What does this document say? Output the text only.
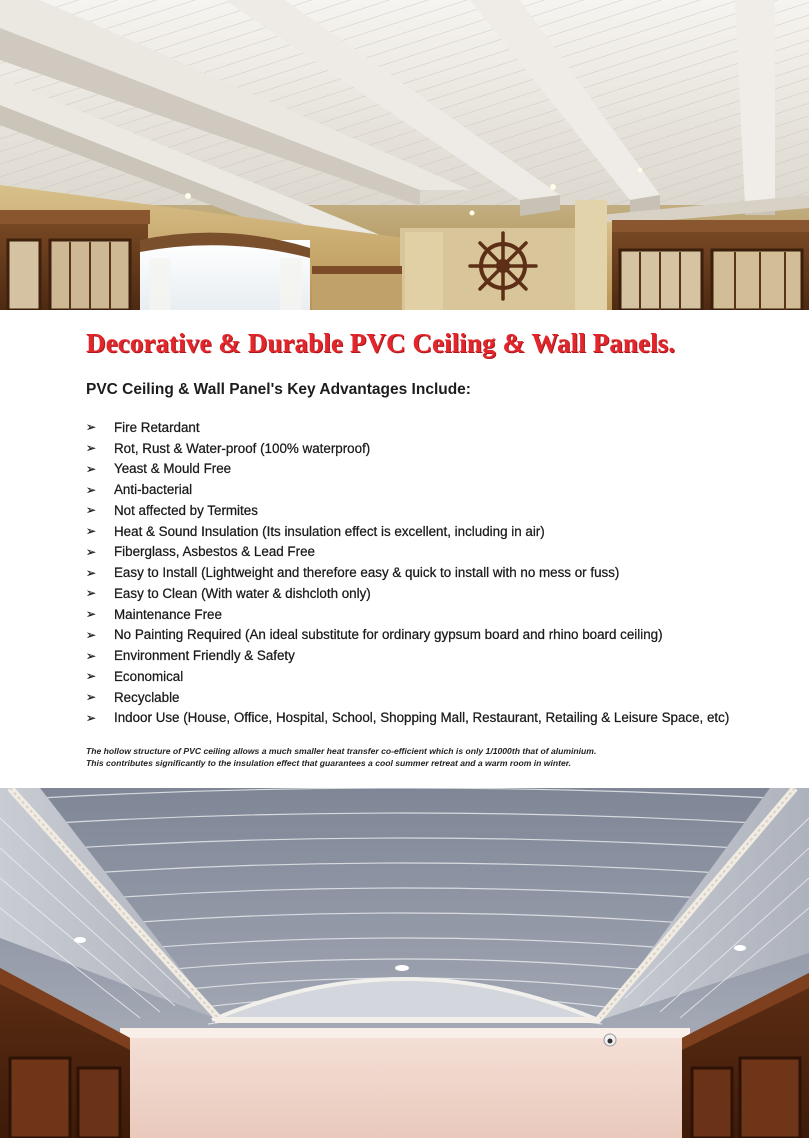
Decorative & Durable PVC Ceiling & Wall Panels.
PVC Ceiling & Wall Panel's Key Advantages Include:
➢	Fire Retardant
➢	Rot, Rust & Water-proof (100% waterproof)
➢	Yeast & Mould Free
➢	Anti-bacterial
➢	Not affected by Termites
➢	Heat & Sound Insulation (Its insulation effect is excellent, including in air)
➢	Fiberglass, Asbestos & Lead Free
➢	Easy to Install (Lightweight and therefore easy & quick to install with no mess or fuss)
➢	Easy to Clean (With water & dishcloth only)
➢	Maintenance Free
➢	No Painting Required (An ideal substitute for ordinary gypsum board and rhino board ceiling)
➢	Environment Friendly & Safety
➢	Economical
➢	Recyclable
➢	Indoor Use (House, Office, Hospital, School, Shopping Mall, Restaurant, Retailing & Leisure Space, etc)
The hollow structure of PVC ceiling allows a much smaller heat transfer co-efficient which is only 1/1000th that of aluminium.
This contributes significantly to the insulation effect that guarantees a cool summer retreat and a warm room in winter.
